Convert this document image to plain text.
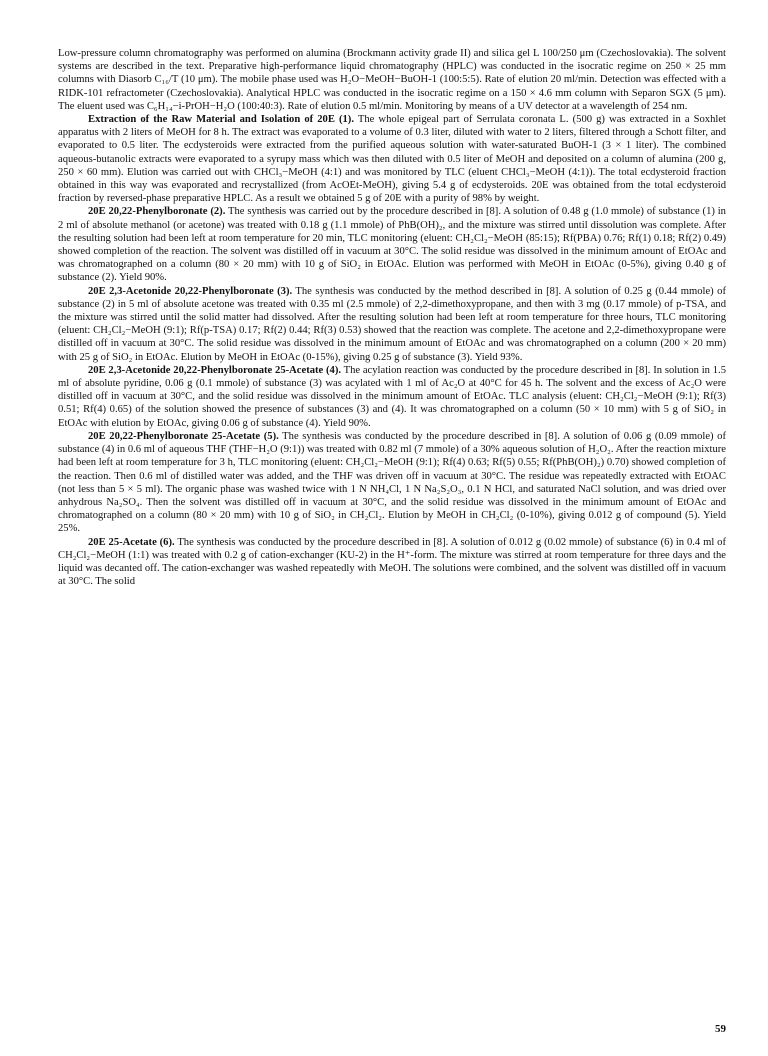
Low-pressure column chromatography was performed on alumina (Brockmann activity grade II) and silica gel L 100/250 μm (Czechoslovakia). The solvent systems are described in the text. Preparative high-performance liquid chromatography (HPLC) was conducted in the isocratic regime on 250 × 25 mm columns with Diasorb C₁₆/T (10 μm). The mobile phase used was H₂O−MeOH−BuOH-1 (100:5:5). Rate of elution 20 ml/min. Detection was effected with a RIDK-101 refractometer (Czechoslovakia). Analytical HPLC was conducted in the isocratic regime on a 150 × 4.6 mm column with Separon SGX (5 μm). The eluent used was C₆H₁₄−i-PrOH−H₂O (100:40:3). Rate of elution 0.5 ml/min. Monitoring by means of a UV detector at a wavelength of 254 nm.

Extraction of the Raw Material and Isolation of 20E (1). The whole epigeal part of Serrulata coronata L. (500 g) was extracted in a Soxhlet apparatus with 2 liters of MeOH for 8 h. The extract was evaporated to a volume of 0.3 liter, diluted with water to 2 liters, filtered through a Schott filter, and evaporated to 0.5 liter. The ecdysteroids were extracted from the purified aqueous solution with water-saturated BuOH-1 (3 × 1 liter). The combined aqueous-butanolic extracts were evaporated to a syrupy mass which was then diluted with 0.5 liter of MeOH and deposited on a column of alumina (200 g, 250 × 60 mm). Elution was carried out with CHCl₃−MeOH (4:1) and was monitored by TLC (eluent CHCl₃−MeOH (4:1)). The total ecdysteroid fraction obtained in this way was evaporated and recrystallized (from AcOEt-MeOH), giving 5.4 g of ecdysteroids. 20E was obtained from the total ecdysteroid fraction by reversed-phase preparative HPLC. As a result we obtained 5 g of 20E with a purity of 98% by weight.

20E 20,22-Phenylboronate (2). The synthesis was carried out by the procedure described in [8]. A solution of 0.48 g (1.0 mmole) of substance (1) in 2 ml of absolute methanol (or acetone) was treated with 0.18 g (1.1 mmole) of PhB(OH)₂, and the mixture was stirred until dissolution was complete. After the resulting solution had been left at room temperature for 20 min, TLC monitoring (eluent: CH₂Cl₂−MeOH (85:15); Rf(PBA) 0.76; Rf(1) 0.18; Rf(2) 0.49) showed completion of the reaction. The solvent was distilled off in vacuum at 30°C. The solid residue was dissolved in the minimum amount of EtOAc and was chromatographed on a column (80 × 20 mm) with 10 g of SiO₂ in EtOAc. Elution was performed with MeOH in EtOAc (0-5%), giving 0.40 g of substance (2). Yield 90%.

20E 2,3-Acetonide 20,22-Phenylboronate (3). The synthesis was conducted by the method described in [8]. A solution of 0.25 g (0.44 mmole) of substance (2) in 5 ml of absolute acetone was treated with 0.35 ml (2.5 mmole) of 2,2-dimethoxypropane, and then with 3 mg (0.17 mmole) of p-TSA, and the mixture was stirred until the solid matter had dissolved. After the resulting solution had been left at room temperature for three hours, TLC monitoring (eluent: CH₂Cl₂−MeOH (9:1); Rf(p-TSA) 0.17; Rf(2) 0.44; Rf(3) 0.53) showed that the reaction was complete. The acetone and 2,2-dimethoxypropane were distilled off in vacuum at 30°C. The solid residue was dissolved in the minimum amount of EtOAc and was chromatographed on a column (200 × 20 mm) with 25 g of SiO₂ in EtOAc. Elution by MeOH in EtOAc (0-15%), giving 0.25 g of substance (3). Yield 93%.

20E 2,3-Acetonide 20,22-Phenylboronate 25-Acetate (4). The acylation reaction was conducted by the procedure described in [8]. In solution in 1.5 ml of absolute pyridine, 0.06 g (0.1 mmole) of substance (3) was acylated with 1 ml of Ac₂O at 40°C for 45 h. The solvent and the excess of Ac₂O were distilled off in vacuum at 30°C, and the solid residue was dissolved in the minimum amount of EtOAc. TLC analysis (eluent: CH₂Cl₂−MeOH (9:1); Rf(3) 0.51; Rf(4) 0.65) of the solution showed the presence of substances (3) and (4). It was chromatographed on a column (50 × 10 mm) with 5 g of SiO₂ in EtOAc with elution by EtOAc, giving 0.06 g of substance (4). Yield 90%.

20E 20,22-Phenylboronate 25-Acetate (5). The synthesis was conducted by the procedure described in [8]. A solution of 0.06 g (0.09 mmole) of substance (4) in 0.6 ml of aqueous THF (THF−H₂O (9:1)) was treated with 0.82 ml (7 mmole) of a 30% aqueous solution of H₂O₂. After the reaction mixture had been left at room temperature for 3 h, TLC monitoring (eluent: CH₂Cl₂−MeOH (9:1); Rf(4) 0.63; Rf(5) 0.55; Rf(PhB(OH)₂) 0.70) showed completion of the reaction. Then 0.6 ml of distilled water was added, and the THF was driven off in vacuum at 30°C. The residue was repeatedly extracted with EtOAC (not less than 5 × 5 ml). The organic phase was washed twice with 1 N NH₄Cl, 1 N Na₂S₂O₃, 0.1 N HCl, and saturated NaCl solution, and was dried over anhydrous Na₂SO₄. Then the solvent was distilled off in vacuum at 30°C, and the solid residue was dissolved in the minimum amount of EtOAc and chromatographed on a column (80 × 20 mm) with 10 g of SiO₂ in CH₂Cl₂. Elution by MeOH in CH₂Cl₂ (0-10%), giving 0.012 g of compound (5). Yield 25%.

20E 25-Acetate (6). The synthesis was conducted by the procedure described in [8]. A solution of 0.012 g (0.02 mmole) of substance (6) in 0.4 ml of CH₂Cl₂−MeOH (1:1) was treated with 0.2 g of cation-exchanger (KU-2) in the H⁺-form. The mixture was stirred at room temperature for three days and the liquid was decanted off. The cation-exchanger was washed repeatedly with MeOH. The solutions were combined, and the solvent was distilled off in vacuum at 30°C. The solid

59
